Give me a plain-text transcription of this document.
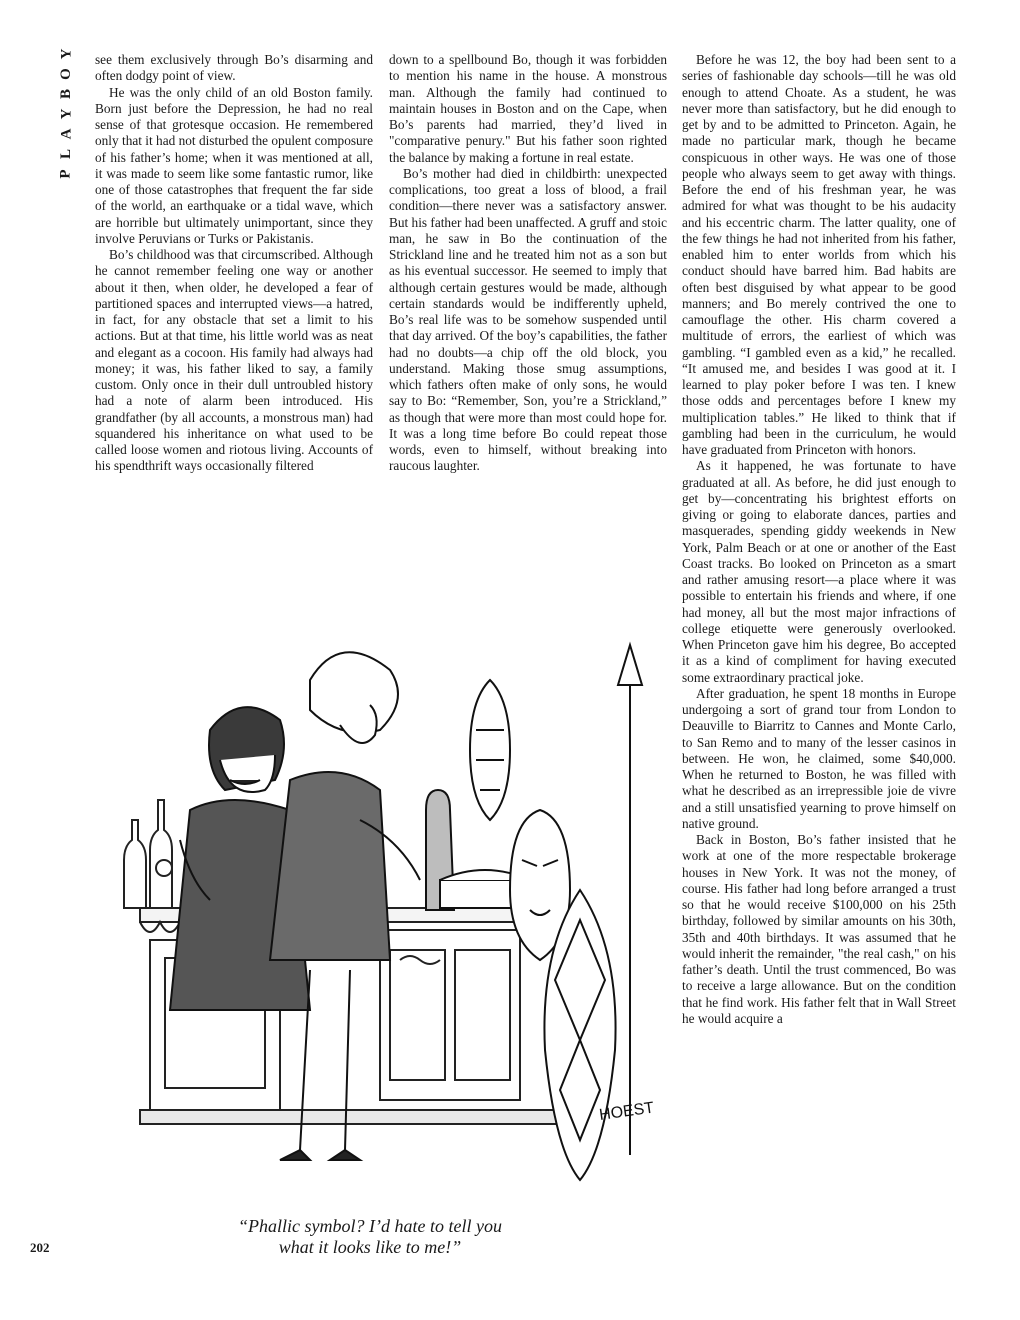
Y
O
B
Y
A
L
P

see them exclusively through Bo’s disarming and often dodgy point of view.

He was the only child of an old Boston family. Born just before the Depression, he had no real sense of that grotesque occasion. He remembered only that it had not disturbed the opulent composure of his father’s home; when it was mentioned at all, it was made to seem like some fantastic rumor, like one of those catastrophes that frequent the far side of the world, an earthquake or a tidal wave, which are horrible but ultimately unimportant, since they involve Peruvians or Turks or Pakistanis.

Bo’s childhood was that circumscribed. Although he cannot remember feeling one way or another about it then, when older, he developed a fear of partitioned spaces and interrupted views—a hatred, in fact, for any obstacle that set a limit to his actions. But at that time, his little world was as neat and elegant as a cocoon. His family had always had money; it was, his father liked to say, a family custom. Only once in their dull untroubled history had a note of alarm been introduced. His grandfather (by all accounts, a monstrous man) had squandered his inheritance on what used to be called loose women and riotous living. Accounts of his spendthrift ways occasionally filtered

down to a spellbound Bo, though it was forbidden to mention his name in the house. A monstrous man. Although the family had continued to maintain houses in Boston and on the Cape, when Bo’s parents had married, they’d lived in "comparative penury." But his father soon righted the balance by making a fortune in real estate.

Bo’s mother had died in childbirth: unexpected complications, too great a loss of blood, a frail condition—there never was a satisfactory answer. But his father had been unaffected. A gruff and stoic man, he saw in Bo the continuation of the Strickland line and he treated him not as a son but as his eventual successor. He seemed to imply that although certain gestures would be made, although certain standards would be indifferently upheld, Bo’s real life was to be somehow suspended until that day arrived. Of the boy’s capabilities, the father had no doubts—a chip off the old block, you understand. Making those smug assumptions, which fathers often make of only sons, he would say to Bo: “Remember, Son, you’re a Strickland,” as though that were more than most could hope for. It was a long time before Bo could repeat those words, even to himself, without breaking into raucous laughter.

Before he was 12, the boy had been sent to a series of fashionable day schools—till he was old enough to attend Choate. As a student, he was never more than satisfactory, but he did enough to get by and to be admitted to Princeton. Again, he made no particular mark, though he became conspicuous in other ways. He was one of those people who always seem to get away with things. Before the end of his freshman year, he was admired for what was thought to be his audacity and his eccentric charm. The latter quality, one of the few things he had not inherited from his father, enabled him to enter worlds from which his conduct should have barred him. Bad habits are often best disguised by what appear to be good manners; and Bo merely contrived the one to camouflage the other. His charm covered a multitude of errors, the earliest of which was gambling. “I gambled even as a kid,” he recalled. “It amused me, and besides I was good at it. I learned to play poker before I was ten. I knew those odds and percentages before I knew my multiplication tables.” He liked to think that if gambling had been in the curriculum, he would have graduated from Princeton with honors.

As it happened, he was fortunate to have graduated at all. As before, he did just enough to get by—concentrating his brightest efforts on giving or going to elaborate dances, parties and masquerades, spending giddy weekends in New York, Palm Beach or at one or another of the East Coast tracks. Bo looked on Princeton as a smart and rather amusing resort—a place where it was possible to entertain his friends and where, if one had money, all but the most major infractions of college etiquette were generously overlooked. When Princeton gave him his degree, Bo accepted it as a kind of compliment for having executed some extraordinary practical joke.

After graduation, he spent 18 months in Europe undergoing a sort of grand tour from London to Deauville to Biarritz to Cannes and Monte Carlo, to San Remo and to many of the lesser casinos in between. He won, he claimed, some $40,000. When he returned to Boston, he was filled with what he described as an irrepressible joie de vivre and a still unsatisfied yearning to prove himself on native ground.

Back in Boston, Bo’s father insisted that he work at one of the more respectable brokerage houses in New York. It was not the money, of course. His father had long before arranged a trust so that he would receive $100,000 on his 25th birthday, followed by similar amounts on his 30th, 35th and 40th birthdays. It was assumed that he would inherit the remainder, "the real cash," on his father’s death. Until the trust commenced, Bo was to receive a large allowance. But on the condition that he find work. His father felt that in Wall Street he would acquire a

HOEST
“Phallic symbol? I’d hate to tell you
what it looks like to me!”
202
